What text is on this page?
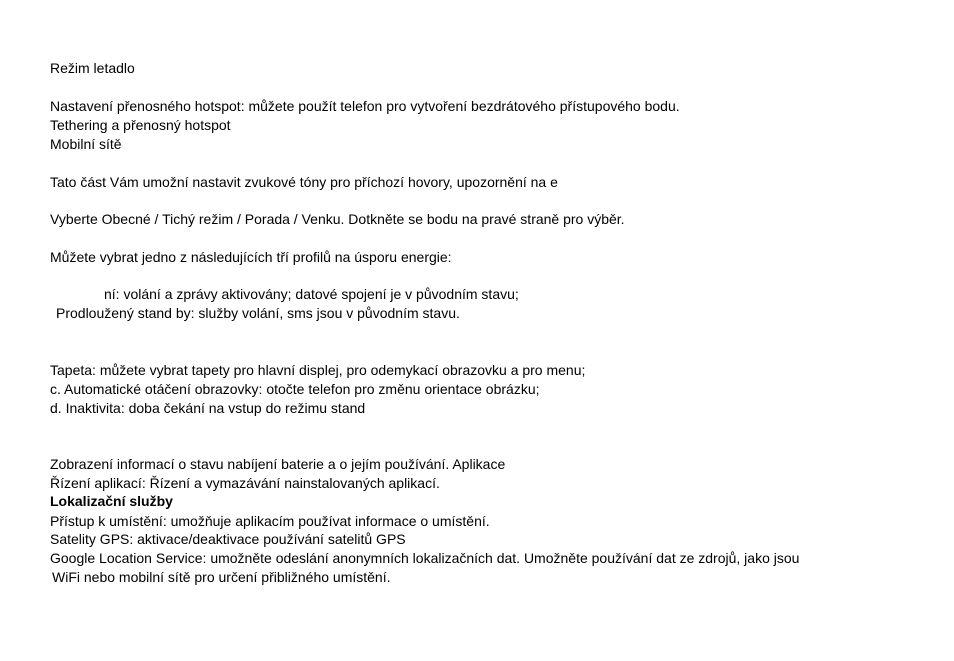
Režim letadlo
Nastavení přenosného hotspot: můžete použít telefon pro vytvoření bezdrátového přístupového bodu.
Tethering a přenosný hotspot
Mobilní sítě
Tato část Vám umožní nastavit zvukové tóny pro příchozí hovory, upozornění na e
Vyberte Obecné / Tichý režim / Porada / Venku. Dotkněte se bodu na pravé straně pro výběr.
Můžete vybrat jedno z následujících tří profilů na úsporu energie:
ní: volání a zprávy aktivovány; datové spojení je v původním stavu;
Prodloužený stand by: služby volání, sms jsou v původním stavu.
Tapeta: můžete vybrat tapety pro hlavní displej, pro odemykací obrazovku a pro menu;
c. Automatické otáčení obrazovky: otočte telefon pro změnu orientace obrázku;
d. Inaktivita: doba čekání na vstup do režimu stand
Zobrazení informací o stavu nabíjení baterie a o jejím používání. Aplikace
Řízení aplikací: Řízení a vymazávání nainstalovaných aplikací.
Lokalizační služby
Přístup k umístění: umožňuje aplikacím používat informace o umístění.
Satelity GPS: aktivace/deaktivace používání satelitů GPS
Google Location Service: umožněte odeslání anonymních lokalizačních dat. Umožněte používání dat ze zdrojů, jako jsou
WiFi nebo mobilní sítě pro určení přibližného umístění.
